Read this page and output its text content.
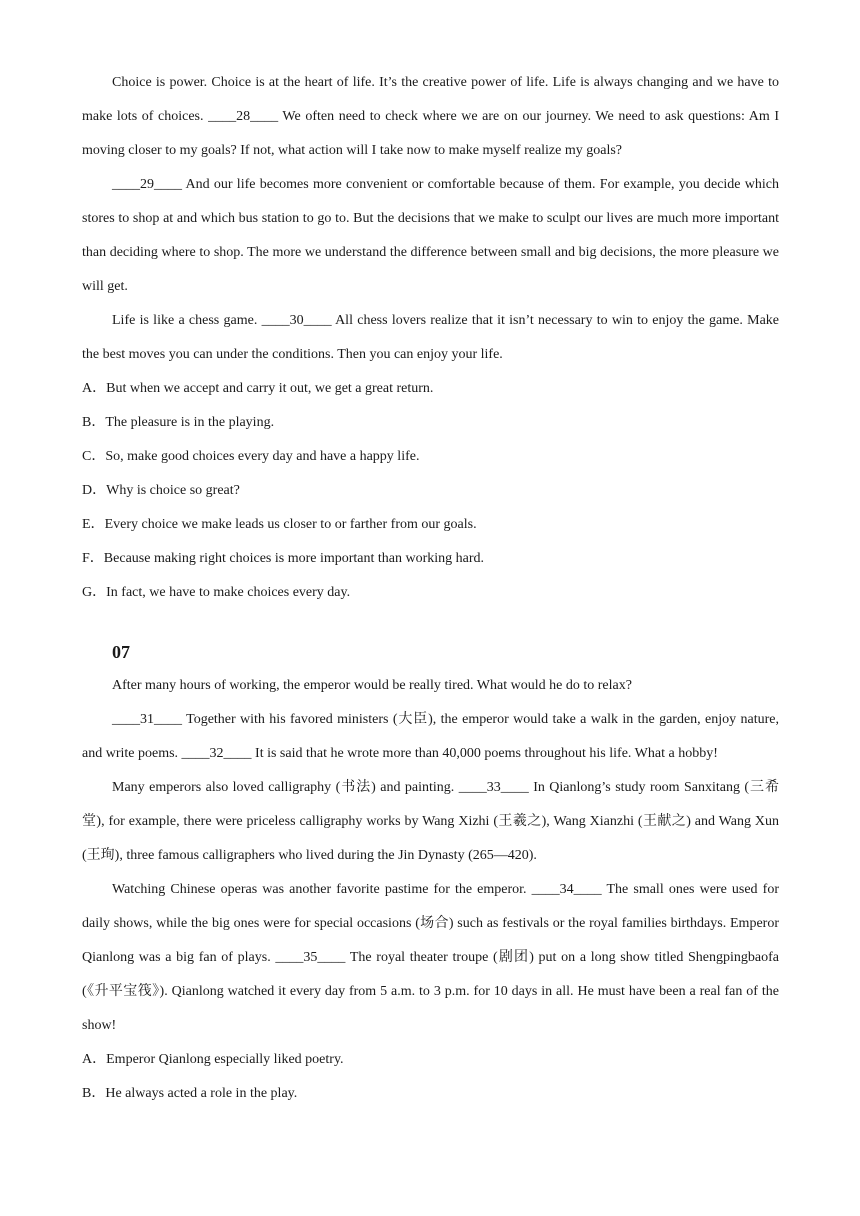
Choice is power. Choice is at the heart of life. It’s the creative power of life. Life is always changing and we have to make lots of choices. ____28____ We often need to check where we are on our journey. We need to ask questions: Am I moving closer to my goals? If not, what action will I take now to make myself realize my goals?

____29____ And our life becomes more convenient or comfortable because of them. For example, you decide which stores to shop at and which bus station to go to. But the decisions that we make to sculpt our lives are much more important than deciding where to shop. The more we understand the difference between small and big decisions, the more pleasure we will get.

Life is like a chess game. ____30____ All chess lovers realize that it isn’t necessary to win to enjoy the game. Make the best moves you can under the conditions. Then you can enjoy your life.

A．But when we accept and carry it out, we get a great return.

B．The pleasure is in the playing.

C．So, make good choices every day and have a happy life.

D．Why is choice so great?

E．Every choice we make leads us closer to or farther from our goals.

F．Because making right choices is more important than working hard.

G．In fact, we have to make choices every day.

07

After many hours of working, the emperor would be really tired. What would he do to relax?

____31____ Together with his favored ministers (大臣), the emperor would take a walk in the garden, enjoy nature, and write poems. ____32____ It is said that he wrote more than 40,000 poems throughout his life. What a hobby!

Many emperors also loved calligraphy (书法) and painting. ____33____ In Qianlong’s study room Sanxitang (三希堂), for example, there were priceless calligraphy works by Wang Xizhi (王羲之), Wang Xianzhi (王献之) and Wang Xun (王珣), three famous calligraphers who lived during the Jin Dynasty (265—420).

Watching Chinese operas was another favorite pastime for the emperor. ____34____ The small ones were used for daily shows, while the big ones were for special occasions (场合) such as festivals or the royal families birthdays. Emperor Qianlong was a big fan of plays. ____35____ The royal theater troupe (剧团) put on a long show titled Shengpingbaofa (《升平宝筏》). Qianlong watched it every day from 5 a.m. to 3 p.m. for 10 days in all. He must have been a real fan of the show!

A．Emperor Qianlong especially liked poetry.

B．He always acted a role in the play.
